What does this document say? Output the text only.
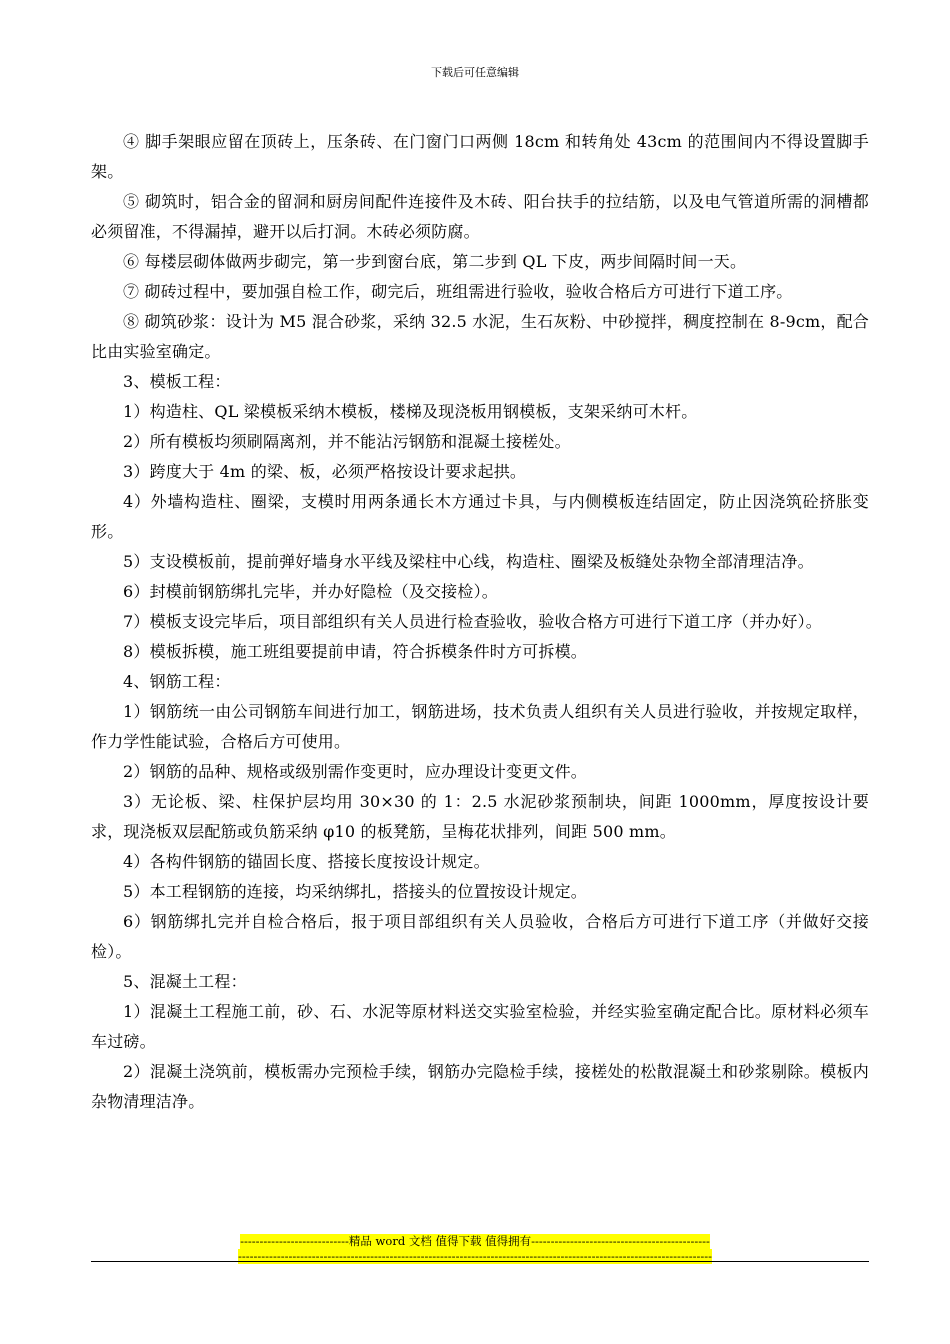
下载后可任意编辑

④ 脚手架眼应留在顶砖上，压条砖、在门窗门口两侧 18cm 和转角处 43cm 的范围间内不得设置脚手架。

⑤ 砌筑时，铝合金的留洞和厨房间配件连接件及木砖、阳台扶手的拉结筋，以及电气管道所需的洞槽都必须留准，不得漏掉，避开以后打洞。木砖必须防腐。

⑥ 每楼层砌体做两步砌完，第一步到窗台底，第二步到 QL 下皮，两步间隔时间一天。

⑦ 砌砖过程中，要加强自检工作，砌完后，班组需进行验收，验收合格后方可进行下道工序。

⑧ 砌筑砂浆：设计为 M5 混合砂浆，采纳 32.5 水泥，生石灰粉、中砂搅拌，稠度控制在 8-9cm，配合比由实验室确定。

3、模板工程：

1）构造柱、QL 梁模板采纳木模板，楼梯及现浇板用钢模板，支架采纳可木杆。

2）所有模板均须刷隔离剂，并不能沾污钢筋和混凝土接槎处。

3）跨度大于 4m 的梁、板，必须严格按设计要求起拱。

4）外墙构造柱、圈梁，支模时用两条通长木方通过卡具，与内侧模板连结固定，防止因浇筑砼挤胀变形。

5）支设模板前，提前弹好墙身水平线及梁柱中心线，构造柱、圈梁及板缝处杂物全部清理洁净。

6）封模前钢筋绑扎完毕，并办好隐检（及交接检）。

7）模板支设完毕后，项目部组织有关人员进行检查验收，验收合格方可进行下道工序（并办好）。

8）模板拆模，施工班组要提前申请，符合拆模条件时方可拆模。

4、钢筋工程：

1）钢筋统一由公司钢筋车间进行加工，钢筋进场，技术负责人组织有关人员进行验收，并按规定取样，作力学性能试验，合格后方可使用。

2）钢筋的品种、规格或级别需作变更时，应办理设计变更文件。

3）无论板、梁、柱保护层均用 30×30 的 1：2.5 水泥砂浆预制块，间距 1000mm，厚度按设计要求，现浇板双层配筋或负筋采纳 φ10 的板凳筋，呈梅花状排列，间距 500 mm。

4）各构件钢筋的锚固长度、搭接长度按设计规定。

5）本工程钢筋的连接，均采纳绑扎，搭接头的位置按设计规定。

6）钢筋绑扎完并自检合格后，报于项目部组织有关人员验收，合格后方可进行下道工序（并做好交接检）。

5、混凝土工程：

1）混凝土工程施工前，砂、石、水泥等原材料送交实验室检验，并经实验室确定配合比。原材料必须车车过磅。

2）混凝土浇筑前，模板需办完预检手续，钢筋办完隐检手续，接槎处的松散混凝土和砂浆剔除。模板内杂物清理洁净。

----------------------------精品 word 文档 值得下载 值得拥有----------------------------------------------
--------------------------------------------------------------------------------------------------------------------------
